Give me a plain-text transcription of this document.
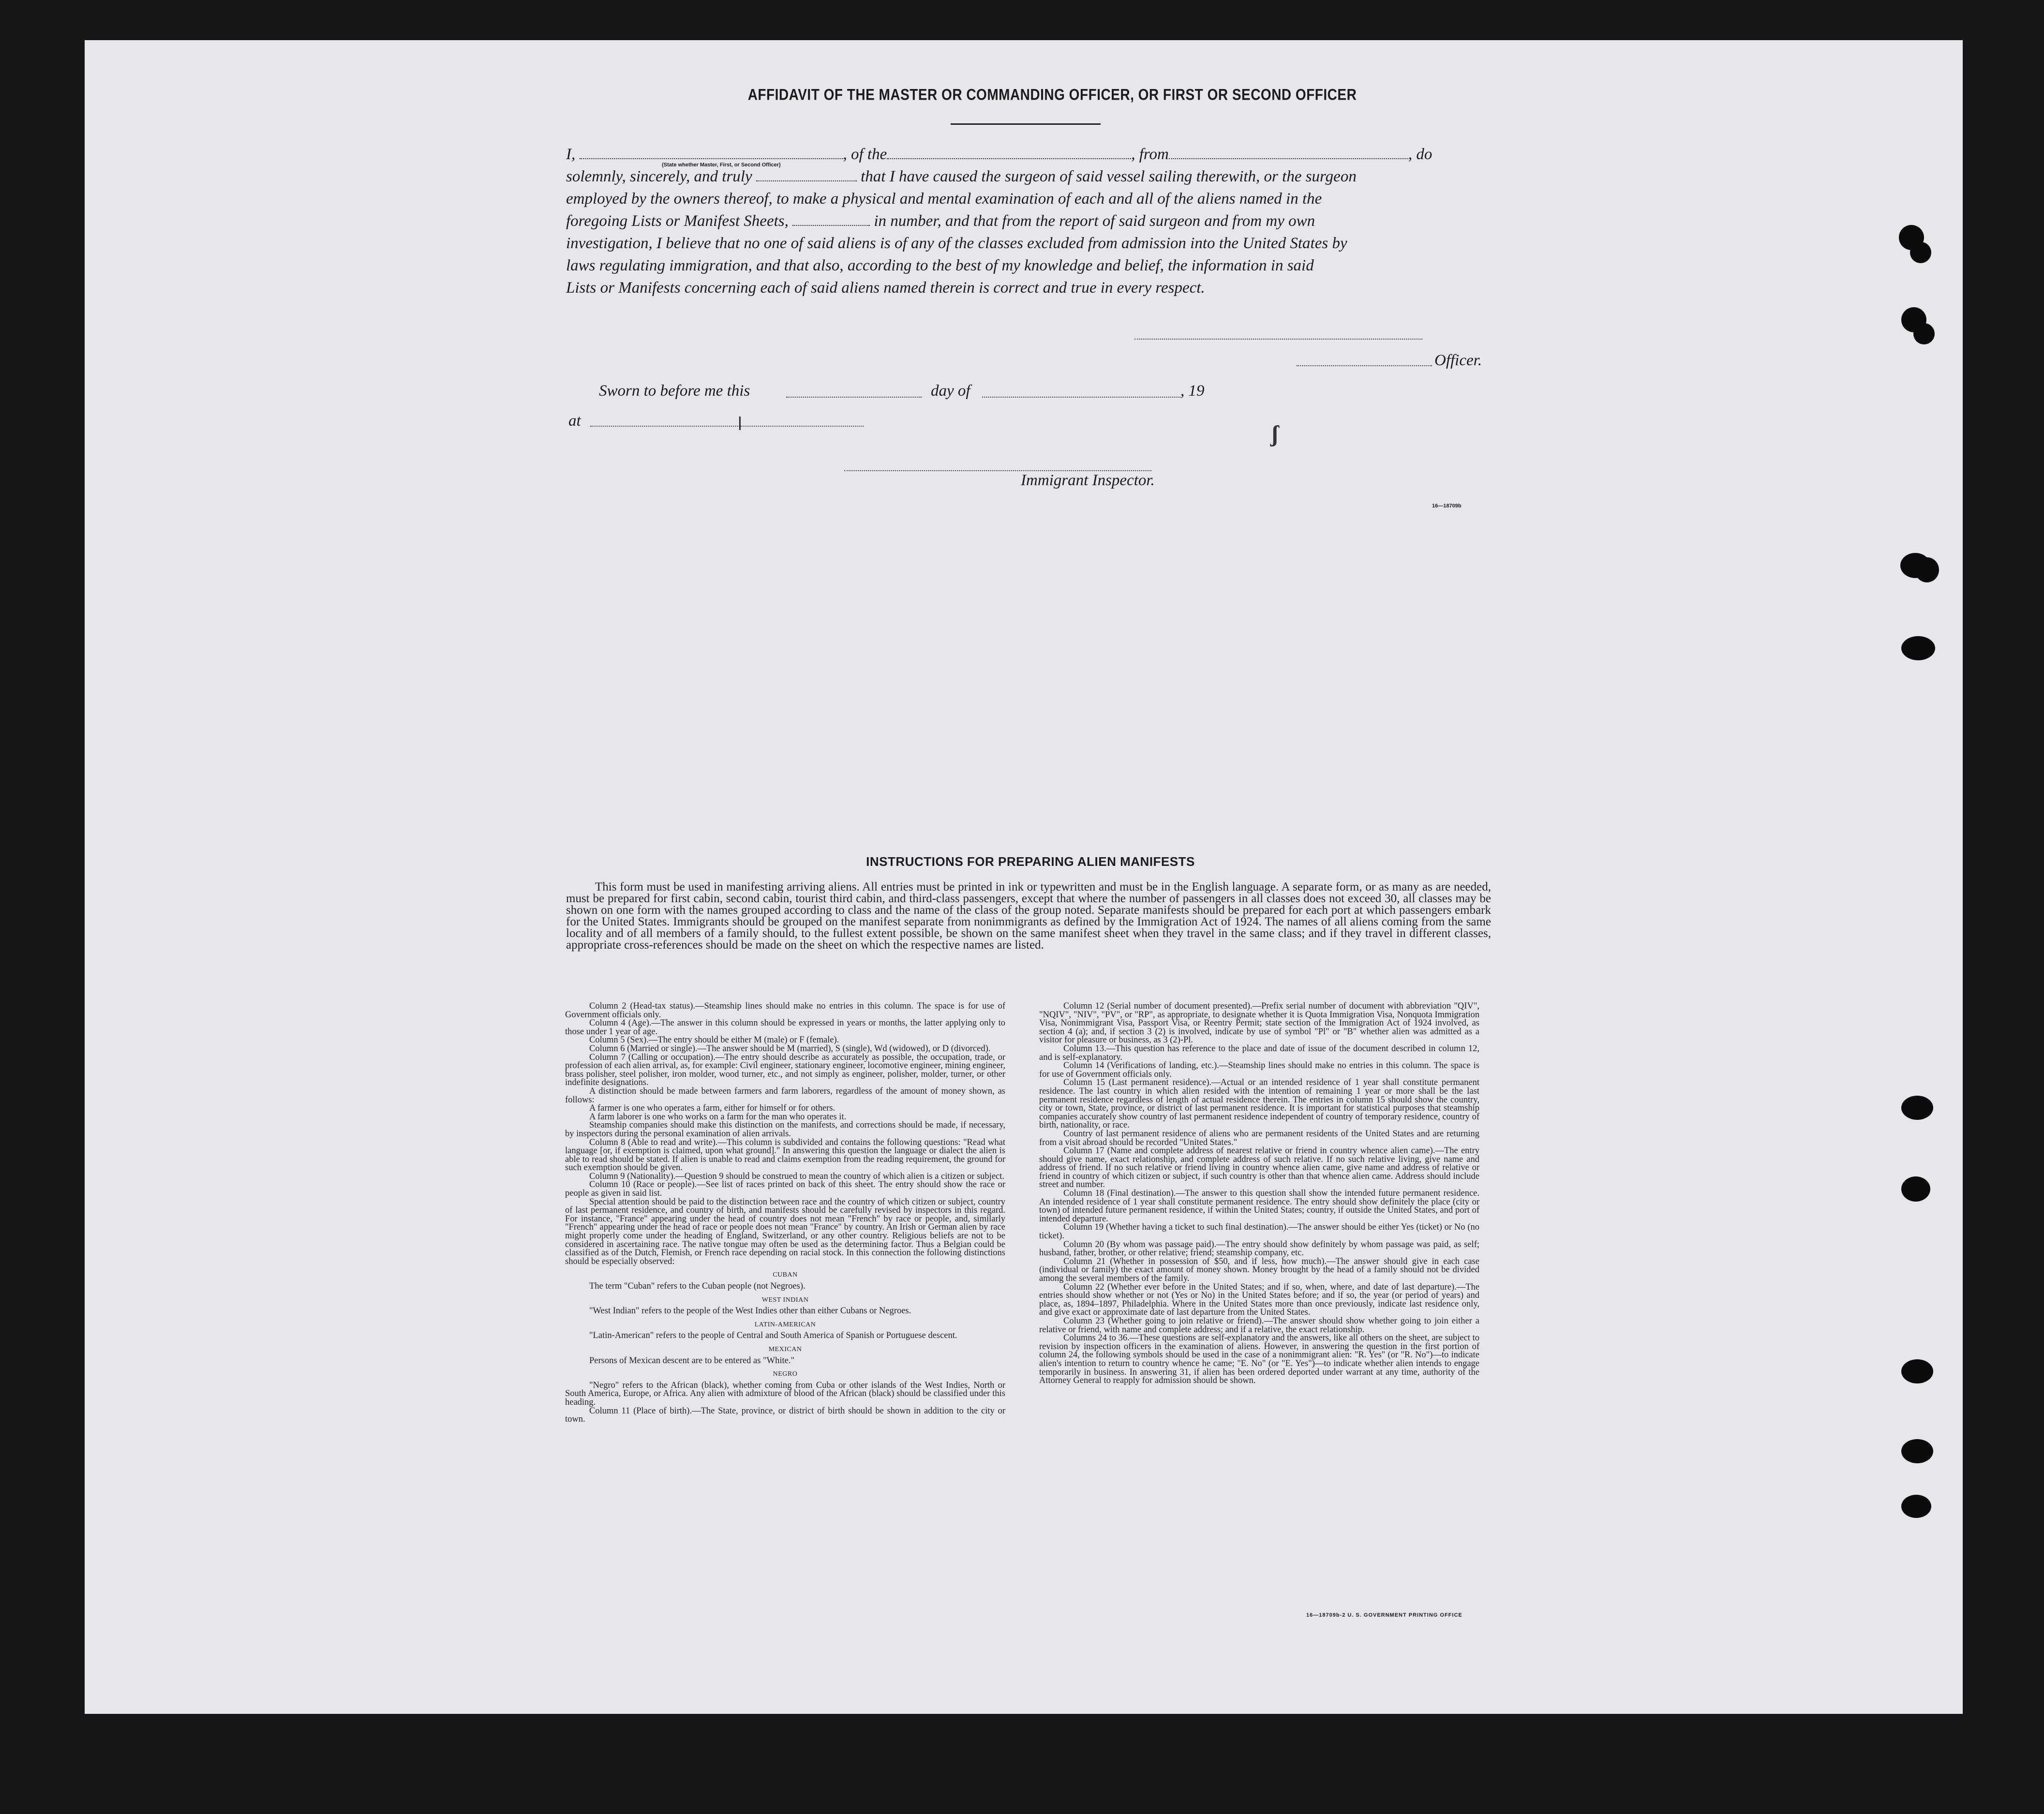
AFFIDAVIT OF THE MASTER OR COMMANDING OFFICER, OR FIRST OR SECOND OFFICER
I,	, of the	, from	, do
(State whether Master, First, or Second Officer)
solemnly, sincerely, and truly	that I have caused the surgeon of said vessel sailing therewith, or the surgeon
employed by the owners thereof, to make a physical and mental examination of each and all of the aliens named in the
foregoing Lists or Manifest Sheets,	in number, and that from the report of said surgeon and from my own
investigation, I believe that no one of said aliens is of any of the classes excluded from admission into the United States by
laws regulating immigration, and that also, according to the best of my knowledge and belief, the information in said
Lists or Manifests concerning each of said aliens named therein is correct and true in every respect.
Officer.
Sworn to before me this	day of	, 19
at	ǀ	ʃ
Immigrant Inspector.
16—18709b
INSTRUCTIONS FOR PREPARING ALIEN MANIFESTS
This form must be used in manifesting arriving aliens. All entries must be printed in ink or typewritten and must be in the English language. A separate form, or as many as are needed, must be prepared for first cabin, second cabin, tourist third cabin, and third-class passengers, except that where the number of passengers in all classes does not exceed 30, all classes may be shown on one form with the names grouped according to class and the name of the class of the group noted. Separate manifests should be prepared for each port at which passengers embark for the United States. Immigrants should be grouped on the manifest separate from nonimmigrants as defined by the Immigration Act of 1924. The names of all aliens coming from the same locality and of all members of a family should, to the fullest extent possible, be shown on the same manifest sheet when they travel in the same class; and if they travel in different classes, appropriate cross-references should be made on the sheet on which the respective names are listed.

Column 2 (Head-tax status).—Steamship lines should make no entries in this column. The space is for use of Government officials only.

Column 4 (Age).—The answer in this column should be expressed in years or months, the latter applying only to those under 1 year of age.

Column 5 (Sex).—The entry should be either M (male) or F (female).

Column 6 (Married or single).—The answer should be M (married), S (single), Wd (widowed), or D (divorced).

Column 7 (Calling or occupation).—The entry should describe as accurately as possible, the occupation, trade, or profession of each alien arrival, as, for example: Civil engineer, stationary engineer, locomotive engineer, mining engineer, brass polisher, steel polisher, iron molder, wood turner, etc., and not simply as engineer, polisher, molder, turner, or other indefinite designations.

A distinction should be made between farmers and farm laborers, regardless of the amount of money shown, as follows:

A farmer is one who operates a farm, either for himself or for others.

A farm laborer is one who works on a farm for the man who operates it.

Steamship companies should make this distinction on the manifests, and corrections should be made, if necessary, by inspectors during the personal examination of alien arrivals.

Column 8 (Able to read and write).—This column is subdivided and contains the following questions: "Read what language [or, if exemption is claimed, upon what ground]." In answering this question the language or dialect the alien is able to read should be stated. If alien is unable to read and claims exemption from the reading requirement, the ground for such exemption should be given.

Column 9 (Nationality).—Question 9 should be construed to mean the country of which alien is a citizen or subject.

Column 10 (Race or people).—See list of races printed on back of this sheet. The entry should show the race or people as given in said list.

Special attention should be paid to the distinction between race and the country of which citizen or subject, country of last permanent residence, and country of birth, and manifests should be carefully revised by inspectors in this regard. For instance, "France" appearing under the head of country does not mean "French" by race or people, and, similarly "French" appearing under the head of race or people does not mean "France" by country. An Irish or German alien by race might properly come under the heading of England, Switzerland, or any other country. Religious beliefs are not to be considered in ascertaining race. The native tongue may often be used as the determining factor. Thus a Belgian could be classified as of the Dutch, Flemish, or French race depending on racial stock. In this connection the following distinctions should be especially observed:

CUBAN

The term "Cuban" refers to the Cuban people (not Negroes).

WEST INDIAN

"West Indian" refers to the people of the West Indies other than either Cubans or Negroes.

LATIN-AMERICAN

"Latin-American" refers to the people of Central and South America of Spanish or Portuguese descent.

MEXICAN

Persons of Mexican descent are to be entered as "White."

NEGRO

"Negro" refers to the African (black), whether coming from Cuba or other islands of the West Indies, North or South America, Europe, or Africa. Any alien with admixture of blood of the African (black) should be classified under this heading.

Column 11 (Place of birth).—The State, province, or district of birth should be shown in addition to the city or town.

Column 12 (Serial number of document presented).—Prefix serial number of document with abbreviation "QIV", "NQIV", "NIV", "PV", or "RP", as appropriate, to designate whether it is Quota Immigration Visa, Nonquota Immigration Visa, Nonimmigrant Visa, Passport Visa, or Reentry Permit; state section of the Immigration Act of 1924 involved, as section 4 (a); and, if section 3 (2) is involved, indicate by use of symbol "Pl" or "B" whether alien was admitted as a visitor for pleasure or business, as 3 (2)-Pl.

Column 13.—This question has reference to the place and date of issue of the document described in column 12, and is self-explanatory.

Column 14 (Verifications of landing, etc.).—Steamship lines should make no entries in this column. The space is for use of Government officials only.

Column 15 (Last permanent residence).—Actual or an intended residence of 1 year shall constitute permanent residence. The last country in which alien resided with the intention of remaining 1 year or more shall be the last permanent residence regardless of length of actual residence therein. The entries in column 15 should show the country, city or town, State, province, or district of last permanent residence. It is important for statistical purposes that steamship companies accurately show country of last permanent residence independent of country of temporary residence, country of birth, nationality, or race.

Country of last permanent residence of aliens who are permanent residents of the United States and are returning from a visit abroad should be recorded "United States."

Column 17 (Name and complete address of nearest relative or friend in country whence alien came).—The entry should give name, exact relationship, and complete address of such relative. If no such relative living, give name and address of friend. If no such relative or friend living in country whence alien came, give name and address of relative or friend in country of which citizen or subject, if such country is other than that whence alien came. Address should include street and number.

Column 18 (Final destination).—The answer to this question shall show the intended future permanent residence. An intended residence of 1 year shall constitute permanent residence. The entry should show definitely the place (city or town) of intended future permanent residence, if within the United States; country, if outside the United States, and port of intended departure.

Column 19 (Whether having a ticket to such final destination).—The answer should be either Yes (ticket) or No (no ticket).

Column 20 (By whom was passage paid).—The entry should show definitely by whom passage was paid, as self; husband, father, brother, or other relative; friend; steamship company, etc.

Column 21 (Whether in possession of $50, and if less, how much).—The answer should give in each case (individual or family) the exact amount of money shown. Money brought by the head of a family should not be divided among the several members of the family.

Column 22 (Whether ever before in the United States; and if so, when, where, and date of last departure).—The entries should show whether or not (Yes or No) in the United States before; and if so, the year (or period of years) and place, as, 1894–1897, Philadelphia. Where in the United States more than once previously, indicate last residence only, and give exact or approximate date of last departure from the United States.

Column 23 (Whether going to join relative or friend).—The answer should show whether going to join either a relative or friend, with name and complete address; and if a relative, the exact relationship.

Columns 24 to 36.—These questions are self-explanatory and the answers, like all others on the sheet, are subject to revision by inspection officers in the examination of aliens. However, in answering the question in the first portion of column 24, the following symbols should be used in the case of a nonimmigrant alien: "R. Yes" (or "R. No")—to indicate alien's intention to return to country whence he came; "E. No" (or "E. Yes")—to indicate whether alien intends to engage temporarily in business. In answering 31, if alien has been ordered deported under warrant at any time, authority of the Attorney General to reapply for admission should be shown.

16—18709b-2 U. S. GOVERNMENT PRINTING OFFICE
